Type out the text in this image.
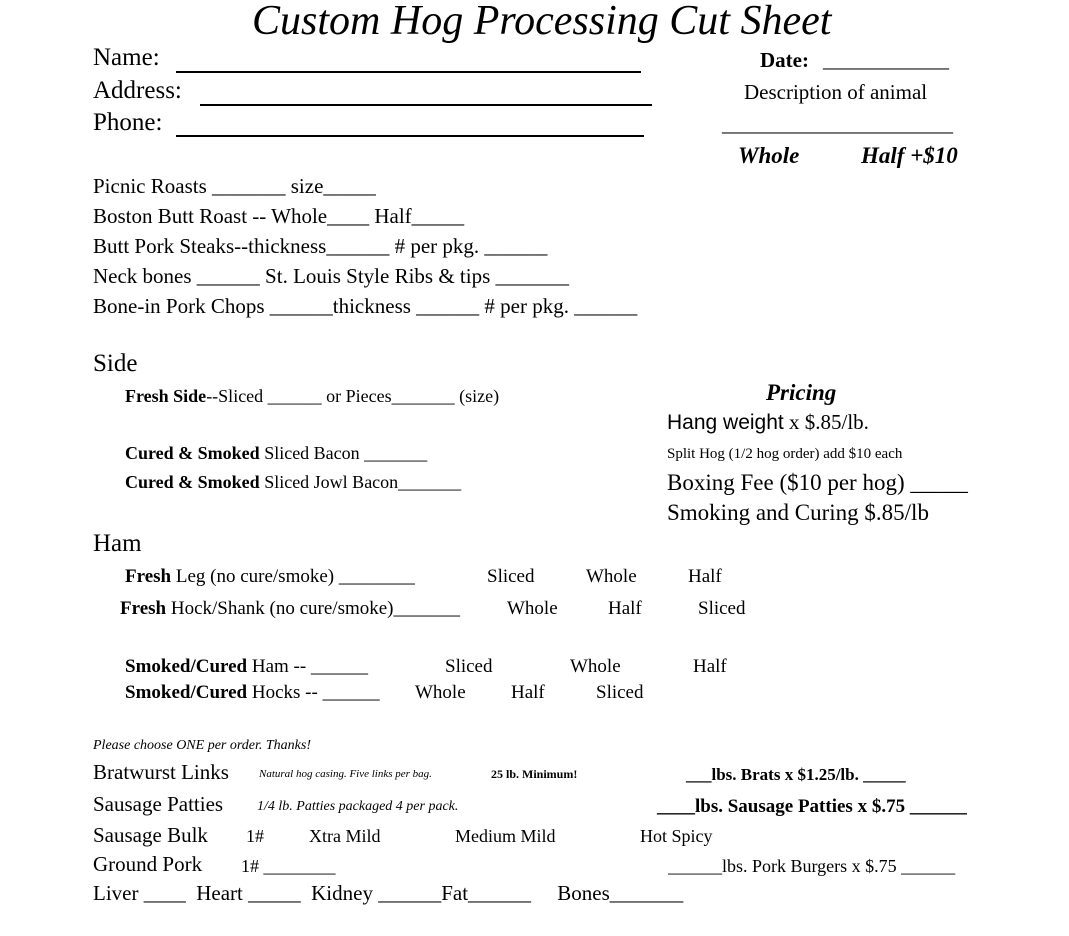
Custom Hog Processing Cut Sheet
Name:
Address:
Phone:
Date: ____________
Description of animal
______________________
Whole	Half +$10
Picnic Roasts _______ size_____
Boston Butt Roast -- Whole____ Half_____
Butt Pork Steaks--thickness______ # per pkg. ______
Neck bones ______ St. Louis Style Ribs & tips _______
Bone-in Pork Chops ______thickness ______ # per pkg. ______
Side
Fresh Side--Sliced ______ or Pieces_______ (size)
Cured & Smoked Sliced Bacon _______
Cured & Smoked Sliced Jowl Bacon_______
Pricing
Hang weight x $.85/lb.
Split Hog (1/2 hog order) add $10 each
Boxing Fee ($10 per hog) _____
Smoking and Curing $.85/lb
Ham
Fresh Leg (no cure/smoke) ________	Sliced	Whole	Half
Fresh Hock/Shank (no cure/smoke)_______ Whole	Half	Sliced
Smoked/Cured Ham -- ______	Sliced	Whole	Half
Smoked/Cured Hocks -- ______ Whole Half	Sliced
Please choose ONE per order. Thanks!
Bratwurst Links	Natural hog casing. Five links per bag.	25 lb. Minimum!	___lbs. Brats x $1.25/lb. _____
Sausage Patties 1/4 lb. Patties packaged 4 per pack.	____lbs. Sausage Patties x $.75 ______
Sausage Bulk 1#	Xtra Mild	Medium Mild	Hot Spicy
Ground Pork 1# ________	______lbs. Pork Burgers x $.75 ______
Liver ____ Heart _____ Kidney ______Fat______ Bones_______
